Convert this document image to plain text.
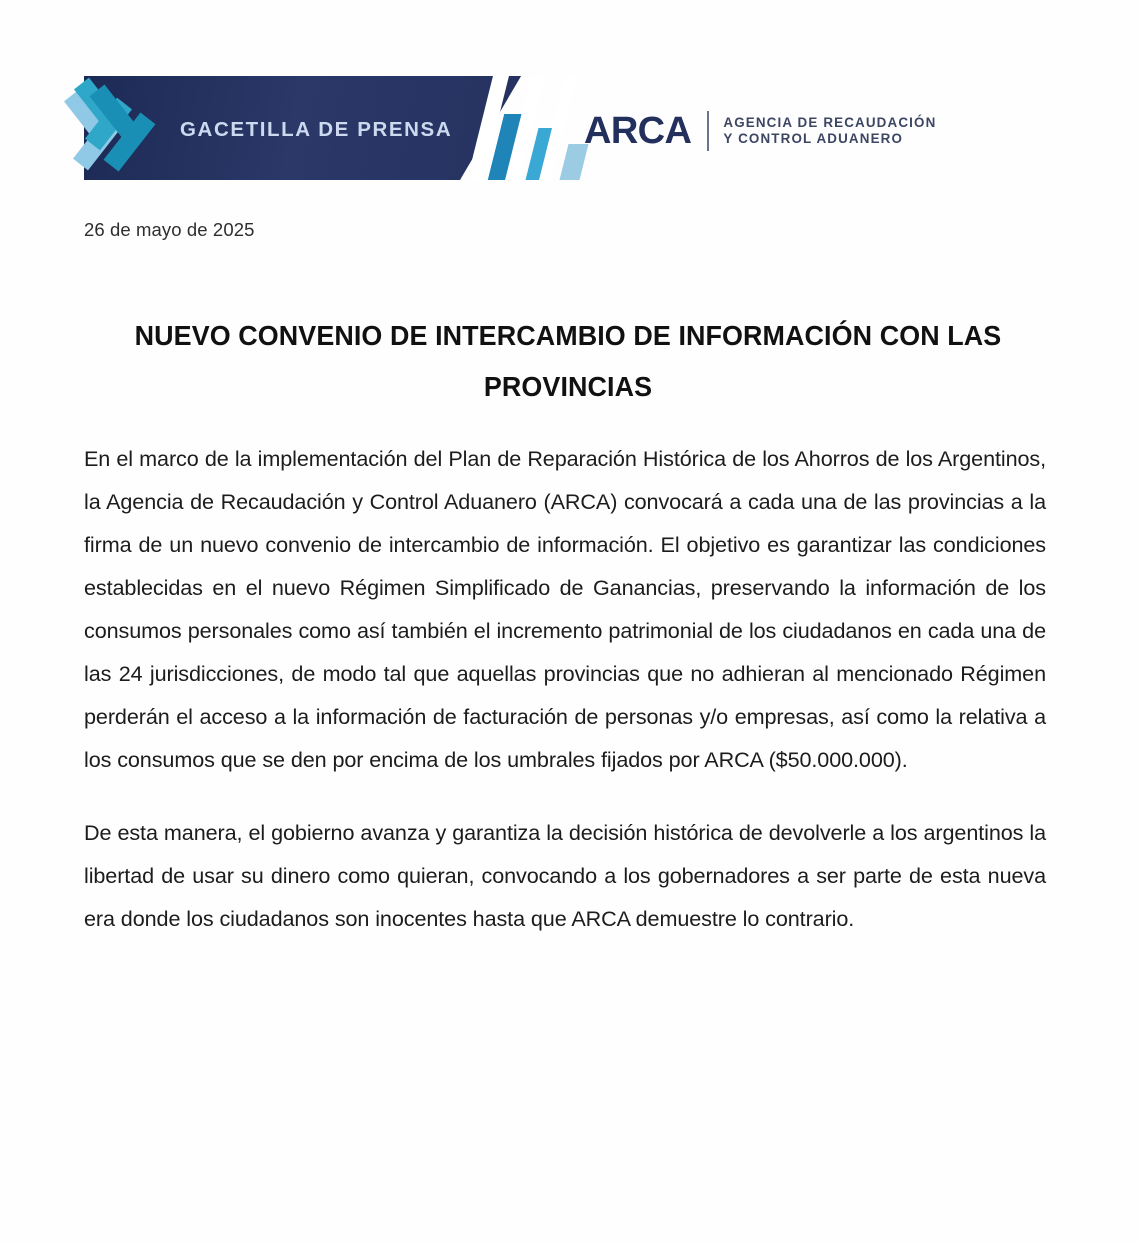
GACETILLA DE PRENSA	ARCA AGENCIA DE RECAUDACIÓN
Y CONTROL ADUANERO
26 de mayo de 2025
NUEVO CONVENIO DE INTERCAMBIO DE INFORMACIÓN CON LAS PROVINCIAS

En el marco de la implementación del Plan de Reparación Histórica de los Ahorros de los Argentinos, la Agencia de Recaudación y Control Aduanero (ARCA) convocará a cada una de las provincias a la firma de un nuevo convenio de intercambio de información. El objetivo es garantizar las condiciones establecidas en el nuevo Régimen Simplificado de Ganancias, preservando la información de los consumos personales como así también el incremento patrimonial de los ciudadanos en cada una de las 24 jurisdicciones, de modo tal que aquellas provincias que no adhieran al mencionado Régimen perderán el acceso a la información de facturación de personas y/o empresas, así como la relativa a los consumos que se den por encima de los umbrales fijados por ARCA ($50.000.000).

De esta manera, el gobierno avanza y garantiza la decisión histórica de devolverle a los argentinos la libertad de usar su dinero como quieran, convocando a los gobernadores a ser parte de esta nueva era donde los ciudadanos son inocentes hasta que ARCA demuestre lo contrario.
